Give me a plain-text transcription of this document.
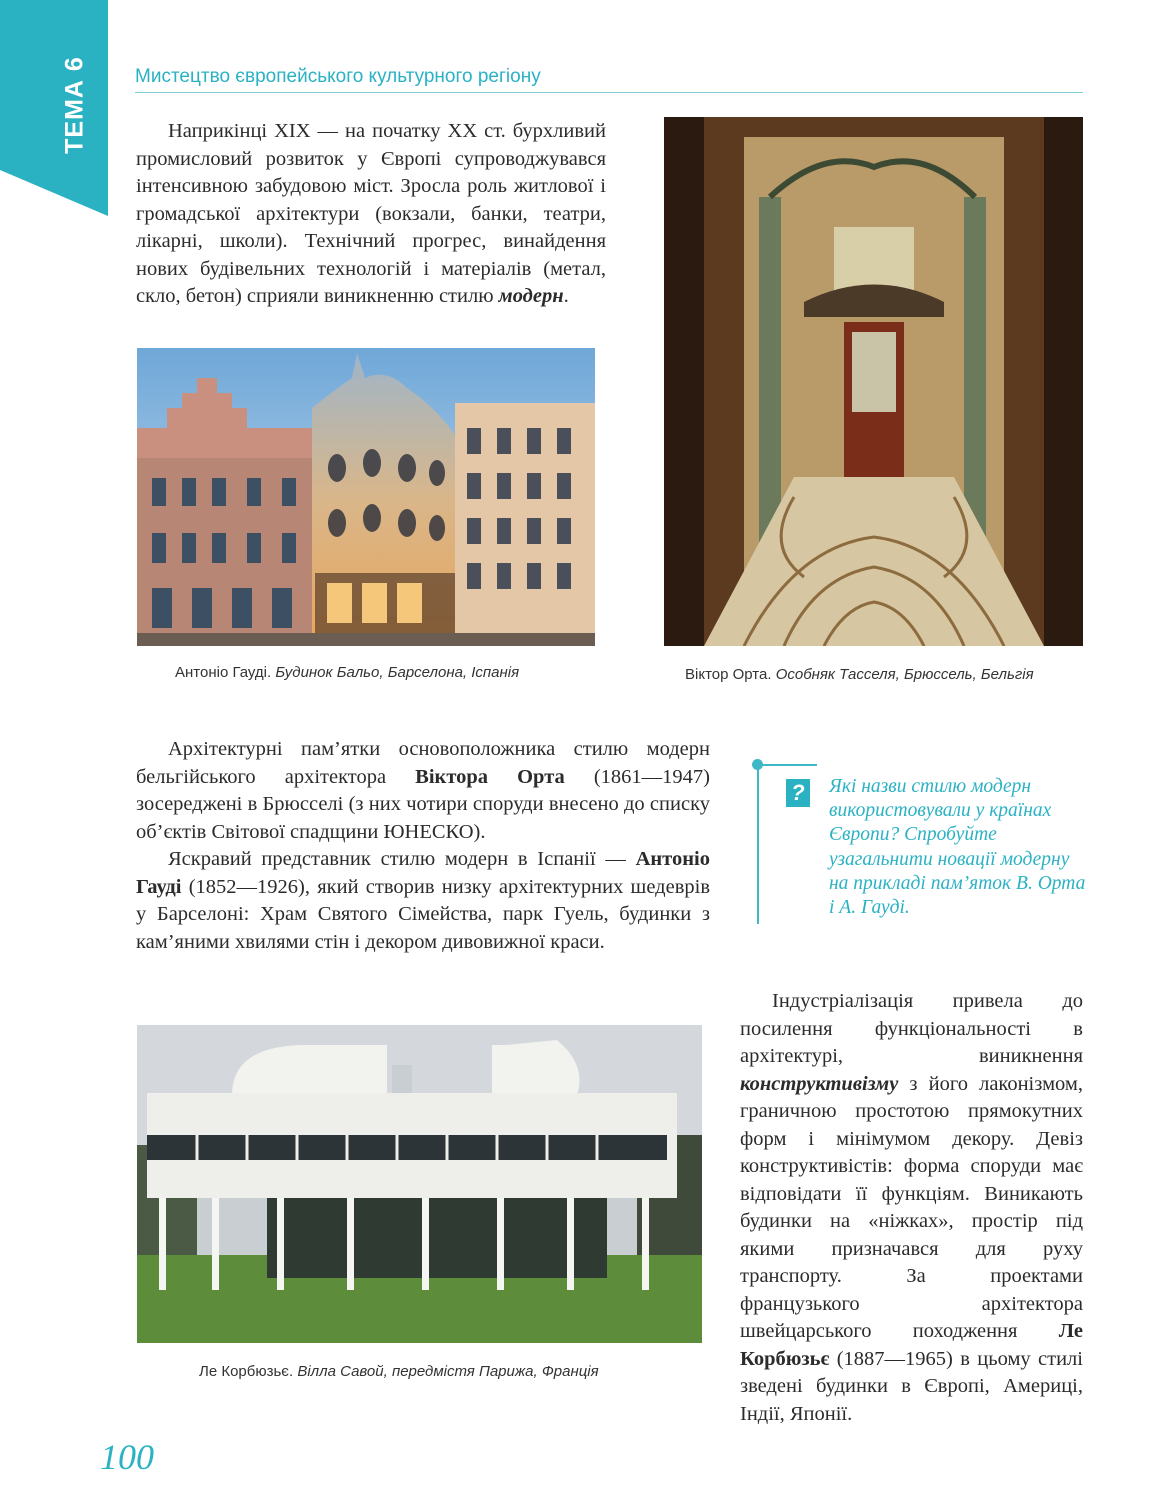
ТЕМА 6 Мистецтво європейського культурного регіону

Наприкінці XIX — на початку XX ст. бурхливий промисловий розвиток у Європі супроводжувався інтенсивною забудовою міст. Зросла роль житлової і громадської архітектури (вокзали, банки, театри, лікарні, школи). Технічний прогрес, винайдення нових будівельних технологій і матеріалів (метал, скло, бетон) сприяли виникненню стилю модерн.

Антоніо Гауді. Будинок Бальо, Барселона, Іспанія	Віктор Орта. Особняк Тасселя, Брюссель, Бельгія

Архітектурні пам’ятки основоположника стилю модерн бельгійського архітектора Віктора Орта (1861—1947) зосереджені в Брюсселі (з них чотири споруди внесено до списку об’єктів Світової спадщини ЮНЕСКО).

Яскравий представник стилю модерн в Іспанії — Антоніо Гауді (1852—1926), який створив низку архітектурних шедеврів у Барселоні: Храм Святого Сімейства, парк Гуель, будинки з кам’яними хвилями стін і декором дивовижної краси.

? Які назви стилю модерн використовували у країнах Європи? Спробуйте узагальнити новації модерну на прикладі пам’яток В. Орта і А. Гауді.
Ле Корбюзьє. Вілла Савой, передмістя Парижа, Франція

Індустріалізація привела до посилення функціональності в архітектурі, виникнення конструктивізму з його лаконізмом, граничною простотою прямокутних форм і мінімумом декору. Девіз конструктивістів: форма споруди має відповідати її функціям. Виникають будинки на «ніжках», простір під якими призначався для руху транспорту. За проектами французького архітектора швейцарського походження Ле Корбюзьє (1887—1965) в цьому стилі зведені будинки в Європі, Америці, Індії, Японії.

100
